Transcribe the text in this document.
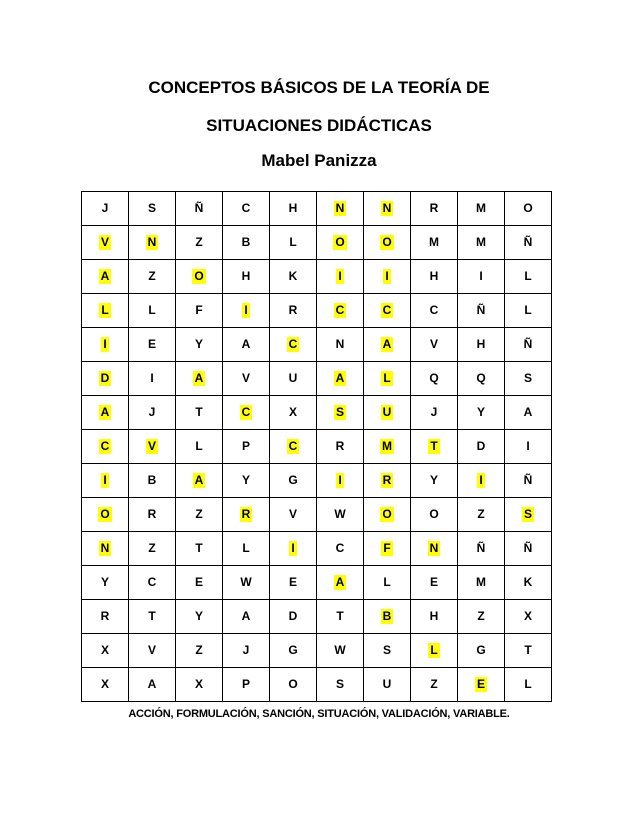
CONCEPTOS BÁSICOS DE LA TEORÍA DE
SITUACIONES DIDÁCTICAS
Mabel Panizza
J	S	Ñ	C	H	N	N	R	M	O
V	N	Z	B	L	O	O	M	M	Ñ
A	Z	O	H	K	I	I	H	I	L
L	L	F	I	R	C	C	C	Ñ	L
I	E	Y	A	C	N	A	V	H	Ñ
D	I	A	V	U	A	L	Q	Q	S
A	J	T	C	X	S	U	J	Y	A
C	V	L	P	C	R	M	T	D	I
I	B	A	Y	G	I	R	Y	I	Ñ
O	R	Z	R	V	W	O	O	Z	S
N	Z	T	L	I	C	F	N	Ñ	Ñ
Y	C	E	W	E	A	L	E	M	K
R	T	Y	A	D	T	B	H	Z	X
X	V	Z	J	G	W	S	L	G	T
X	A	X	P	O	S	U	Z	E	L
ACCIÓN, FORMULACIÓN, SANCIÓN, SITUACIÓN, VALIDACIÓN, VARIABLE.
